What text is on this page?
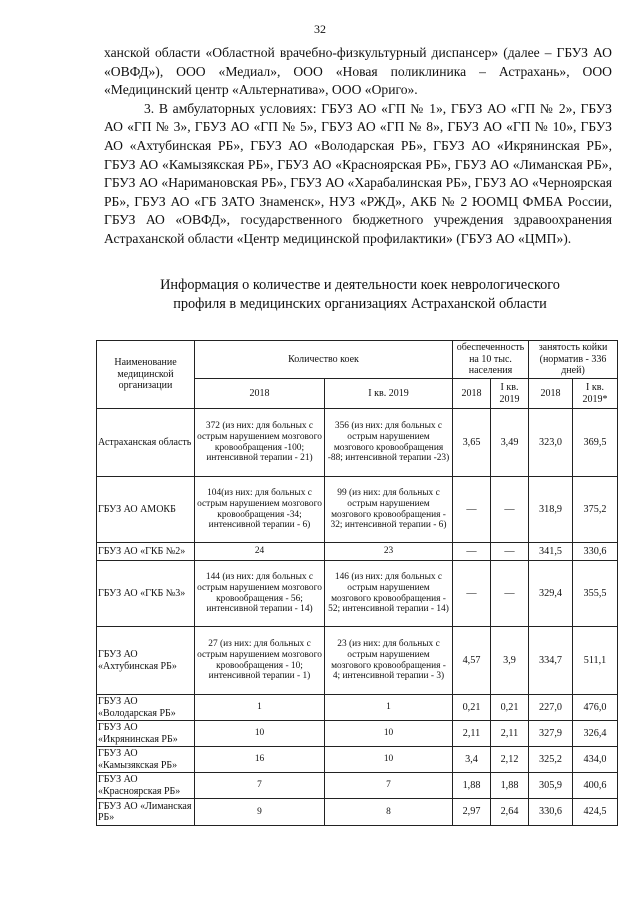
32

ханской области «Областной врачебно-физкультурный диспансер» (далее – ГБУЗ АО «ОВФД»), ООО «Медиал», ООО «Новая поликлиника – Астрахань», ООО «Медицинский центр «Альтернатива», ООО «Ориго».

3. В амбулаторных условиях: ГБУЗ АО «ГП № 1», ГБУЗ АО «ГП № 2», ГБУЗ АО «ГП № 3», ГБУЗ АО «ГП № 5», ГБУЗ АО «ГП № 8», ГБУЗ АО «ГП № 10», ГБУЗ АО «Ахтубинская РБ», ГБУЗ АО «Володарская РБ», ГБУЗ АО «Икрянинская РБ», ГБУЗ АО «Камызякская РБ», ГБУЗ АО «Красноярская РБ», ГБУЗ АО «Лиманская РБ», ГБУЗ АО «Наримановская РБ», ГБУЗ АО «Харабалинская РБ», ГБУЗ АО «Черноярская РБ», ГБУЗ АО «ГБ ЗАТО Знаменск», НУЗ «РЖД», АКБ № 2 ЮОМЦ ФМБА России, ГБУЗ АО «ОВФД», государственного бюджетного учреждения здравоохранения Астраханской области «Центр медицинской профилактики» (ГБУЗ АО «ЦМП»).

Информация о количестве и деятельности коек неврологического
профиля в медицинских организациях Астраханской области
Наименование медицинской организации	Количество коек		обеспеченность на 10 тыс. населения		занятость койки (норматив - 336 дней)	
	2018	I кв. 2019	2018	I кв. 2019	2018	I кв. 2019*
Астраханская область	372 (из них: для больных с острым нарушением мозгового кровообращения -100; интенсивной терапии - 21)	356 (из них: для больных с острым нарушением мозгового кровообращения -88; интенсивной терапии -23)	3,65	3,49	323,0	369,5
ГБУЗ АО АМОКБ	104(из них: для больных с острым нарушением мозгового кровообращения -34; интенсивной терапии - 6)	99 (из них: для больных с острым нарушением мозгового кровообращения - 32; интенсивной терапии - 6)	—	—	318,9	375,2
ГБУЗ АО «ГКБ №2»	24	23	—	—	341,5	330,6
ГБУЗ АО «ГКБ №3»	144 (из них: для больных с острым нарушением мозгового кровообращения - 56; интенсивной терапии - 14)	146 (из них: для больных с острым нарушением мозгового кровообращения - 52; интенсивной терапии - 14)	—	—	329,4	355,5
ГБУЗ АО «Ахтубинская РБ»	27 (из них: для больных с острым нарушением мозгового кровообращения - 10; интенсивной терапии - 1)	23 (из них: для больных с острым нарушением мозгового кровообращения - 4; интенсивной терапии - 3)	4,57	3,9	334,7	511,1
ГБУЗ АО «Володарская РБ»	1	1	0,21	0,21	227,0	476,0
ГБУЗ АО «Икрянинская РБ»	10	10	2,11	2,11	327,9	326,4
ГБУЗ АО «Камызякская РБ»	16	10	3,4	2,12	325,2	434,0
ГБУЗ АО «Красноярская РБ»	7	7	1,88	1,88	305,9	400,6
ГБУЗ АО «Лиманская РБ»	9	8	2,97	2,64	330,6	424,5
